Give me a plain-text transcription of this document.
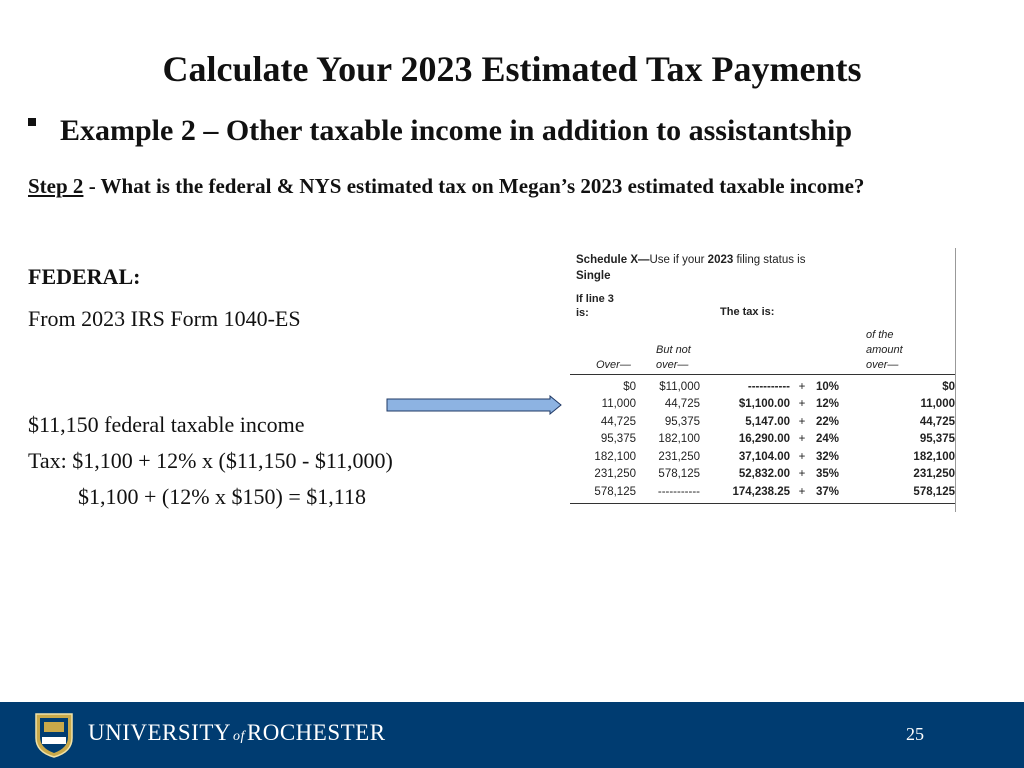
Calculate Your 2023 Estimated Tax Payments
Example 2 – Other taxable income in addition to assistantship
Step 2 - What is the federal & NYS estimated tax on Megan’s 2023 estimated taxable income?
FEDERAL:
From 2023 IRS Form 1040-ES
$11,150 federal taxable income
Tax: $1,100 + 12% x ($11,150 - $11,000)
$1,100 + (12% x $150) = $1,118
Schedule X—Use if your 2023 filing status is
Single
If line 3
is:	The tax is:
Over—
But not
over—
of the
amount
over—
$0	$11,000	-----------	+	10%	$0
11,000	44,725	$1,100.00	+	12%	11,000
44,725	95,375	5,147.00	+	22%	44,725
95,375	182,100	16,290.00	+	24%	95,375
182,100	231,250	37,104.00	+	32%	182,100
231,250	578,125	52,832.00	+	35%	231,250
578,125	-----------	174,238.25	+	37%	578,125
UNIVERSITY ofROCHESTER	25
